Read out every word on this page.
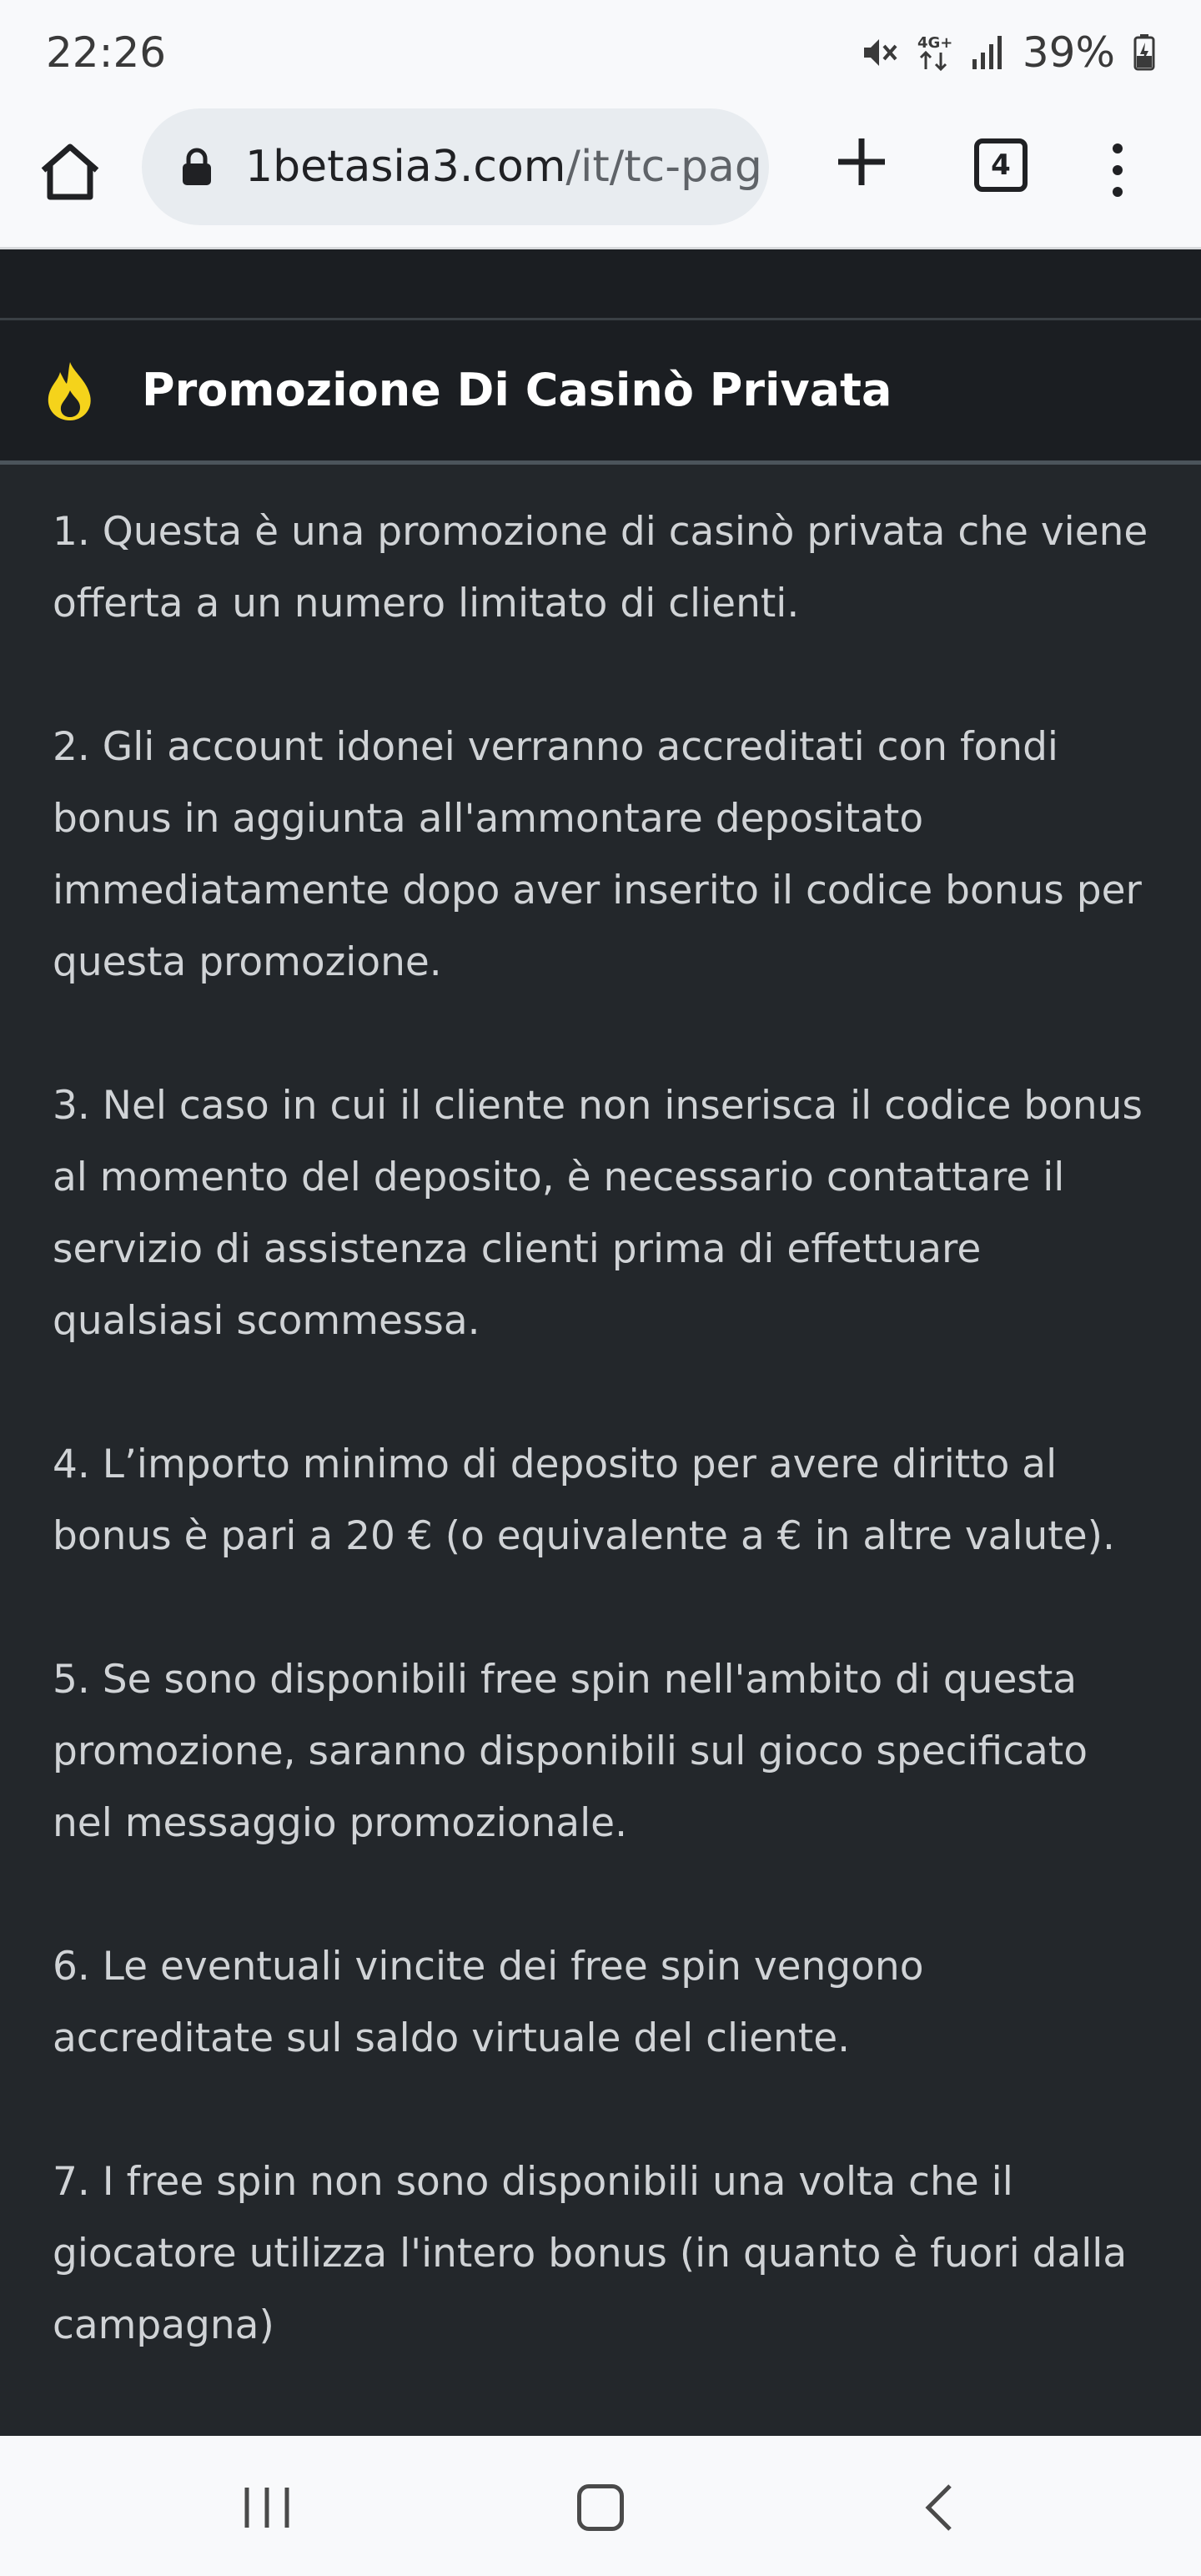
22:26	4G+ 39%
1betasia3.com/it/tc-pag	4
Promozione Di Casinò Privata

1. Questa è una promozione di casinò privata che viene offerta a un numero limitato di clienti.

2. Gli account idonei verranno accreditati con fondi bonus in aggiunta all'ammontare depositato immediatamente dopo aver inserito il codice bonus per questa promozione.

3. Nel caso in cui il cliente non inserisca il codice bonus al momento del deposito, è necessario contattare il servizio di assistenza clienti prima di effettuare qualsiasi scommessa.

4. L’importo minimo di deposito per avere diritto al bonus è pari a 20 € (o equivalente a € in altre valute).

5. Se sono disponibili free spin nell'ambito di questa promozione, saranno disponibili sul gioco specificato nel messaggio promozionale.

6. Le eventuali vincite dei free spin vengono accreditate sul saldo virtuale del cliente.

7. I free spin non sono disponibili una volta che il giocatore utilizza l'intero bonus (in quanto è fuori dalla campagna)
